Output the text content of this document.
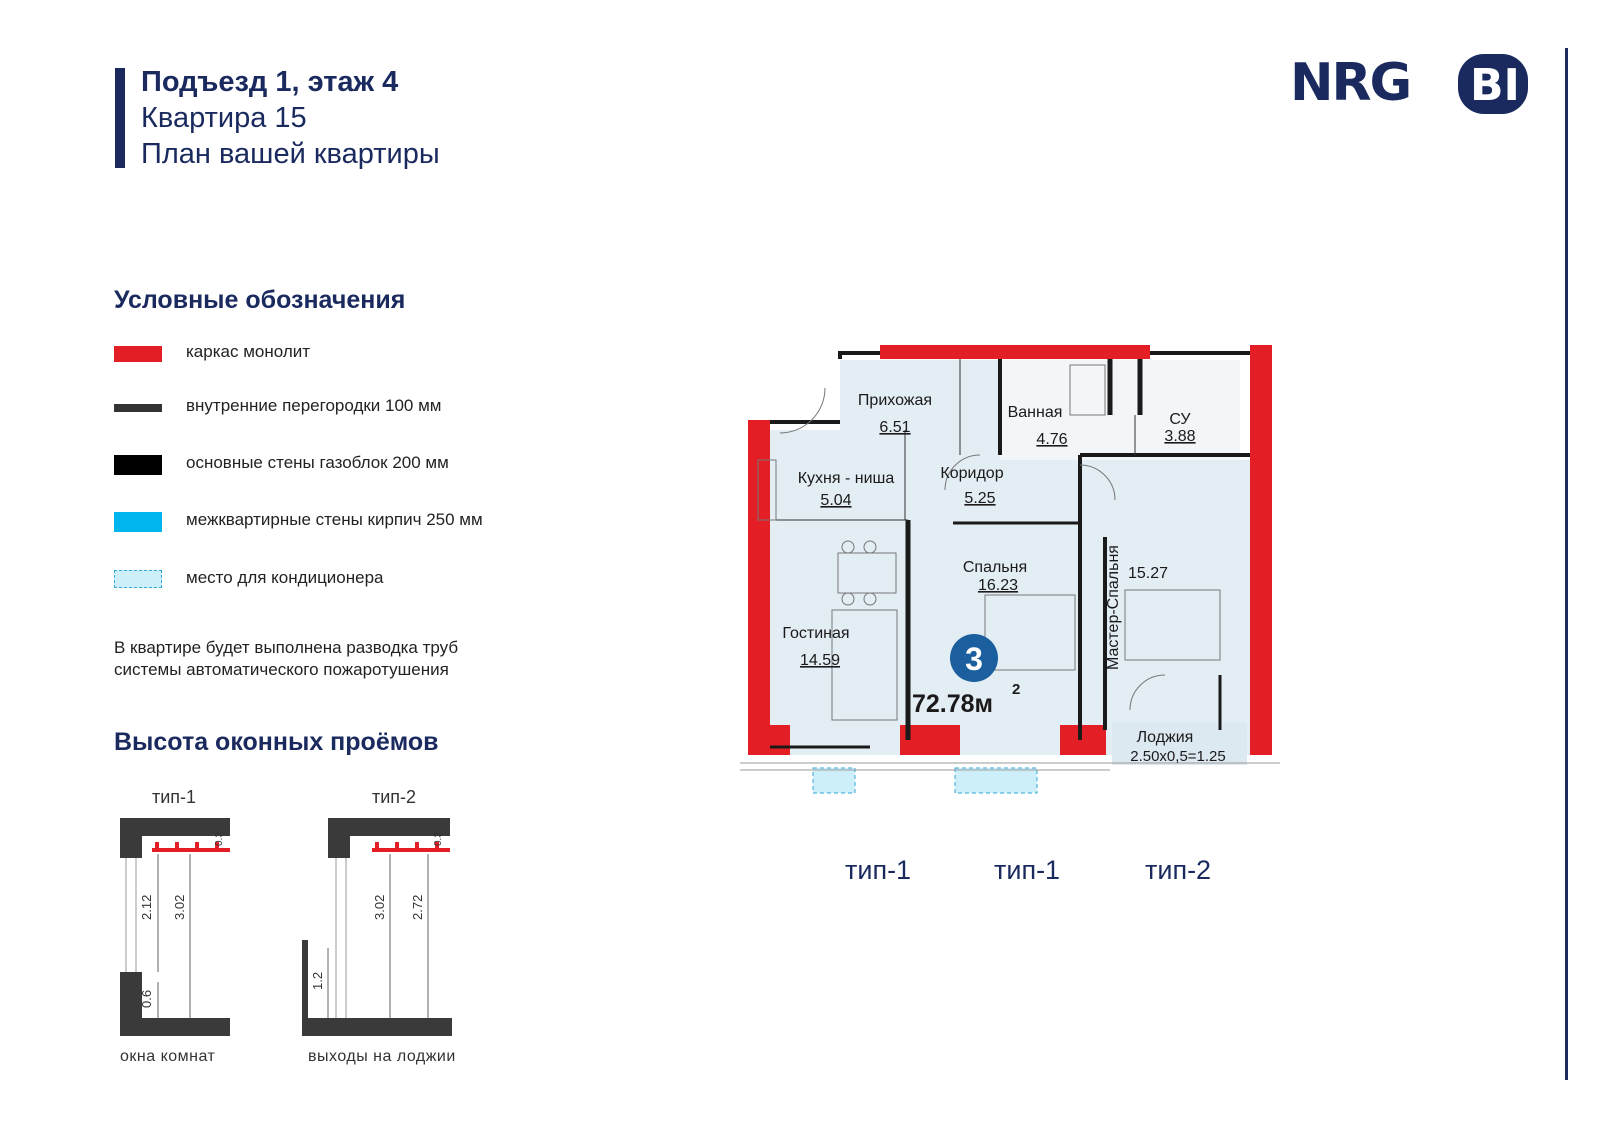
Подъезд 1, этаж 4
Квартира 15
План вашей квартиры
NRG BI
Условные обозначения
каркас монолит
внутренние перегородки 100 мм
основные стены газоблок 200 мм
межквартирные стены кирпич 250 мм
место для кондиционера
В квартире будет выполнена разводка труб
системы автоматического пожаротушения
Высота оконных проёмов
тип-1	тип-2
2.12 3.02
0.6
0.3
3.02 2.72
1.2
0.3
окна комнат	выходы на лоджии
Прихожая
6.51
Ванная
4.76
СУ
3.88
Кухня - ниша
5.04
Коридор
5.25
Спальня
16.23	Мастер-Спальня 15.27
Гостиная
14.59
Лоджия
2.50x0,5=1.25
3
72.78м
2
тип-1	тип-1	тип-2
